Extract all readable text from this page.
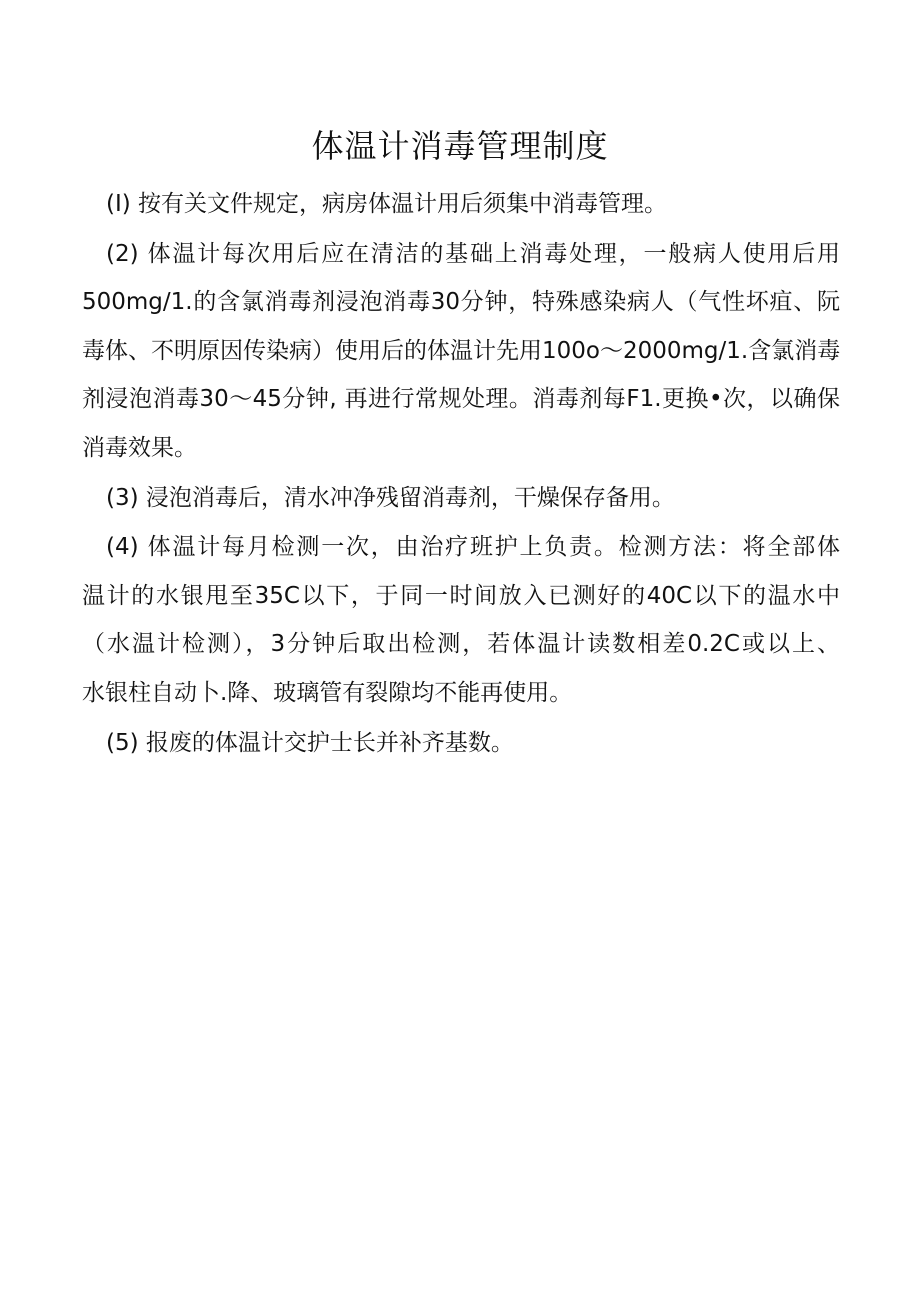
体温计消毒管理制度

(I) 按有关文件规定，病房体温计用后须集中消毒管理。

(2) 体温计每次用后应在清洁的基础上消毒处理，一般病人使用后用
500mg/1.的含氯消毒剂浸泡消毒30分钟，特殊感染病人（气性坏疽、阮
毒体、不明原因传染病）使用后的体温计先用100o〜2000mg/1.含氯消毒
剂浸泡消毒30〜45分钟, 再进行常规处理。消毒剂每F1.更换•次，以确保
消毒效果。

(3) 浸泡消毒后，清水冲净残留消毒剂，干燥保存备用。

(4) 体温计每月检测一次，由治疗班护上负责。检测方法：将全部体
温计的水银甩至35C以下，于同一时间放入已测好的40C以下的温水中
（水温计检测），3分钟后取出检测，若体温计读数相差0.2C或以上、
水银柱自动卜.降、玻璃管有裂隙均不能再使用。

(5) 报废的体温计交护士长并补齐基数。
